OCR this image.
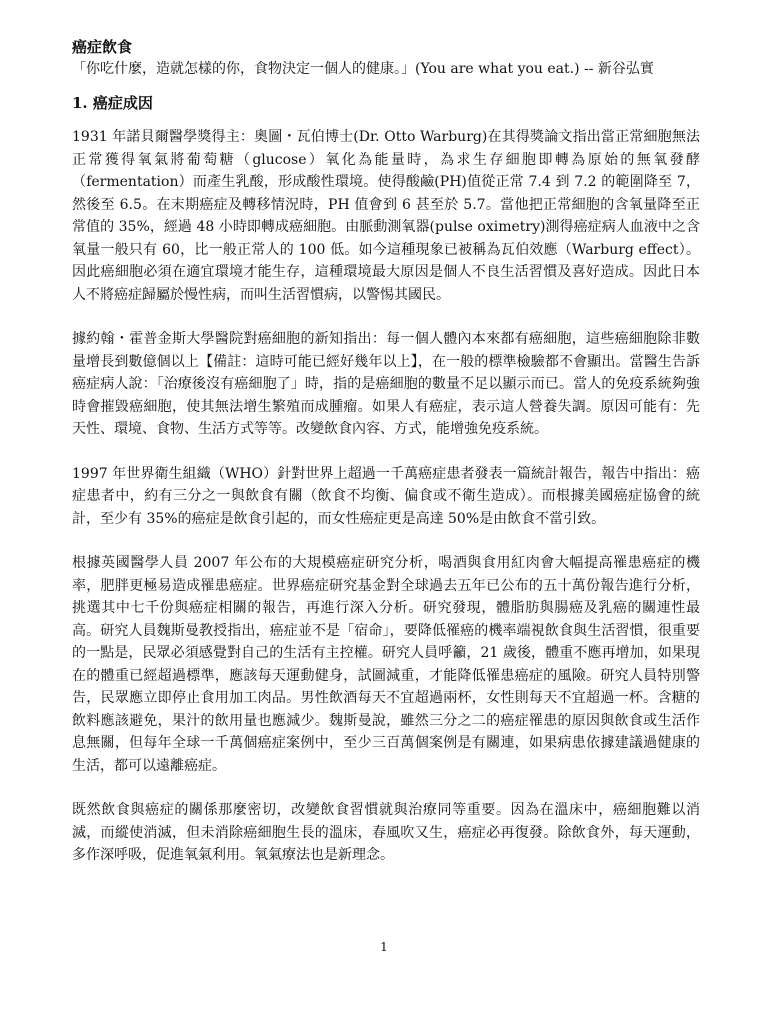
癌症飲食

「你吃什麼，造就怎樣的你，食物決定一個人的健康。」(You are what you eat.) -- 新谷弘實

1. 癌症成因

1931 年諾貝爾醫學獎得主：奧圖・瓦伯博士(Dr. Otto Warburg)在其得獎論文指出當正常細胞無法正常獲得氧氣將葡萄糖（glucose）氧化為能量時，為求生存細胞即轉為原始的無氧發酵（fermentation）而產生乳酸，形成酸性環境。使得酸鹼(PH)值從正常 7.4 到 7.2 的範圍降至 7，然後至 6.5。在末期癌症及轉移情況時，PH 值會到 6 甚至於 5.7。當他把正常細胞的含氧量降至正常值的 35%，經過 48 小時即轉成癌細胞。由脈動測氧器(pulse oximetry)測得癌症病人血液中之含氧量一般只有 60，比一般正常人的 100 低。如今這種現象已被稱為瓦伯效應（Warburg effect）。因此癌細胞必須在適宜環境才能生存，這種環境最大原因是個人不良生活習慣及喜好造成。因此日本人不將癌症歸屬於慢性病，而叫生活習慣病，以警惕其國民。

據約翰・霍普金斯大學醫院對癌細胞的新知指出：每一個人體內本來都有癌細胞，這些癌細胞除非數量增長到數億個以上【備註：這時可能已經好幾年以上】，在一般的標準檢驗都不會顯出。當醫生告訴癌症病人說：「治療後沒有癌細胞了」時，指的是癌細胞的數量不足以顯示而已。當人的免疫系統夠強時會摧毀癌細胞，使其無法增生繁殖而成腫瘤。如果人有癌症，表示這人營養失調。原因可能有：先天性、環境、食物、生活方式等等。改變飲食內容、方式，能增強免疫系統。

1997 年世界衛生組織（WHO）針對世界上超過一千萬癌症患者發表一篇統計報告，報告中指出：癌症患者中，約有三分之一與飲食有關（飲食不均衡、偏食或不衛生造成）。而根據美國癌症協會的統計，至少有 35%的癌症是飲食引起的，而女性癌症更是高達 50%是由飲食不當引致。

根據英國醫學人員 2007 年公布的大規模癌症研究分析，喝酒與食用紅肉會大幅提高罹患癌症的機率，肥胖更極易造成罹患癌症。世界癌症研究基金對全球過去五年已公布的五十萬份報告進行分析，挑選其中七千份與癌症相關的報告，再進行深入分析。研究發現，體脂肪與腸癌及乳癌的關連性最高。研究人員魏斯曼教授指出，癌症並不是「宿命」，要降低罹癌的機率端視飲食與生活習慣，很重要的一點是，民眾必須感覺對自己的生活有主控權。研究人員呼籲，21 歲後，體重不應再增加，如果現在的體重已經超過標準，應該每天運動健身，試圖減重，才能降低罹患癌症的風險。研究人員特別警告，民眾應立即停止食用加工肉品。男性飲酒每天不宜超過兩杯，女性則每天不宜超過一杯。含糖的飲料應該避免，果汁的飲用量也應減少。魏斯曼說，雖然三分之二的癌症罹患的原因與飲食或生活作息無關，但每年全球一千萬個癌症案例中，至少三百萬個案例是有關連，如果病患依據建議過健康的生活，都可以遠離癌症。

既然飲食與癌症的關係那麼密切，改變飲食習慣就與治療同等重要。因為在溫床中，癌細胞難以消滅，而縱使消滅，但未消除癌細胞生長的溫床，春風吹又生，癌症必再復發。除飲食外，每天運動，多作深呼吸，促進氧氣利用。氧氣療法也是新理念。

1
